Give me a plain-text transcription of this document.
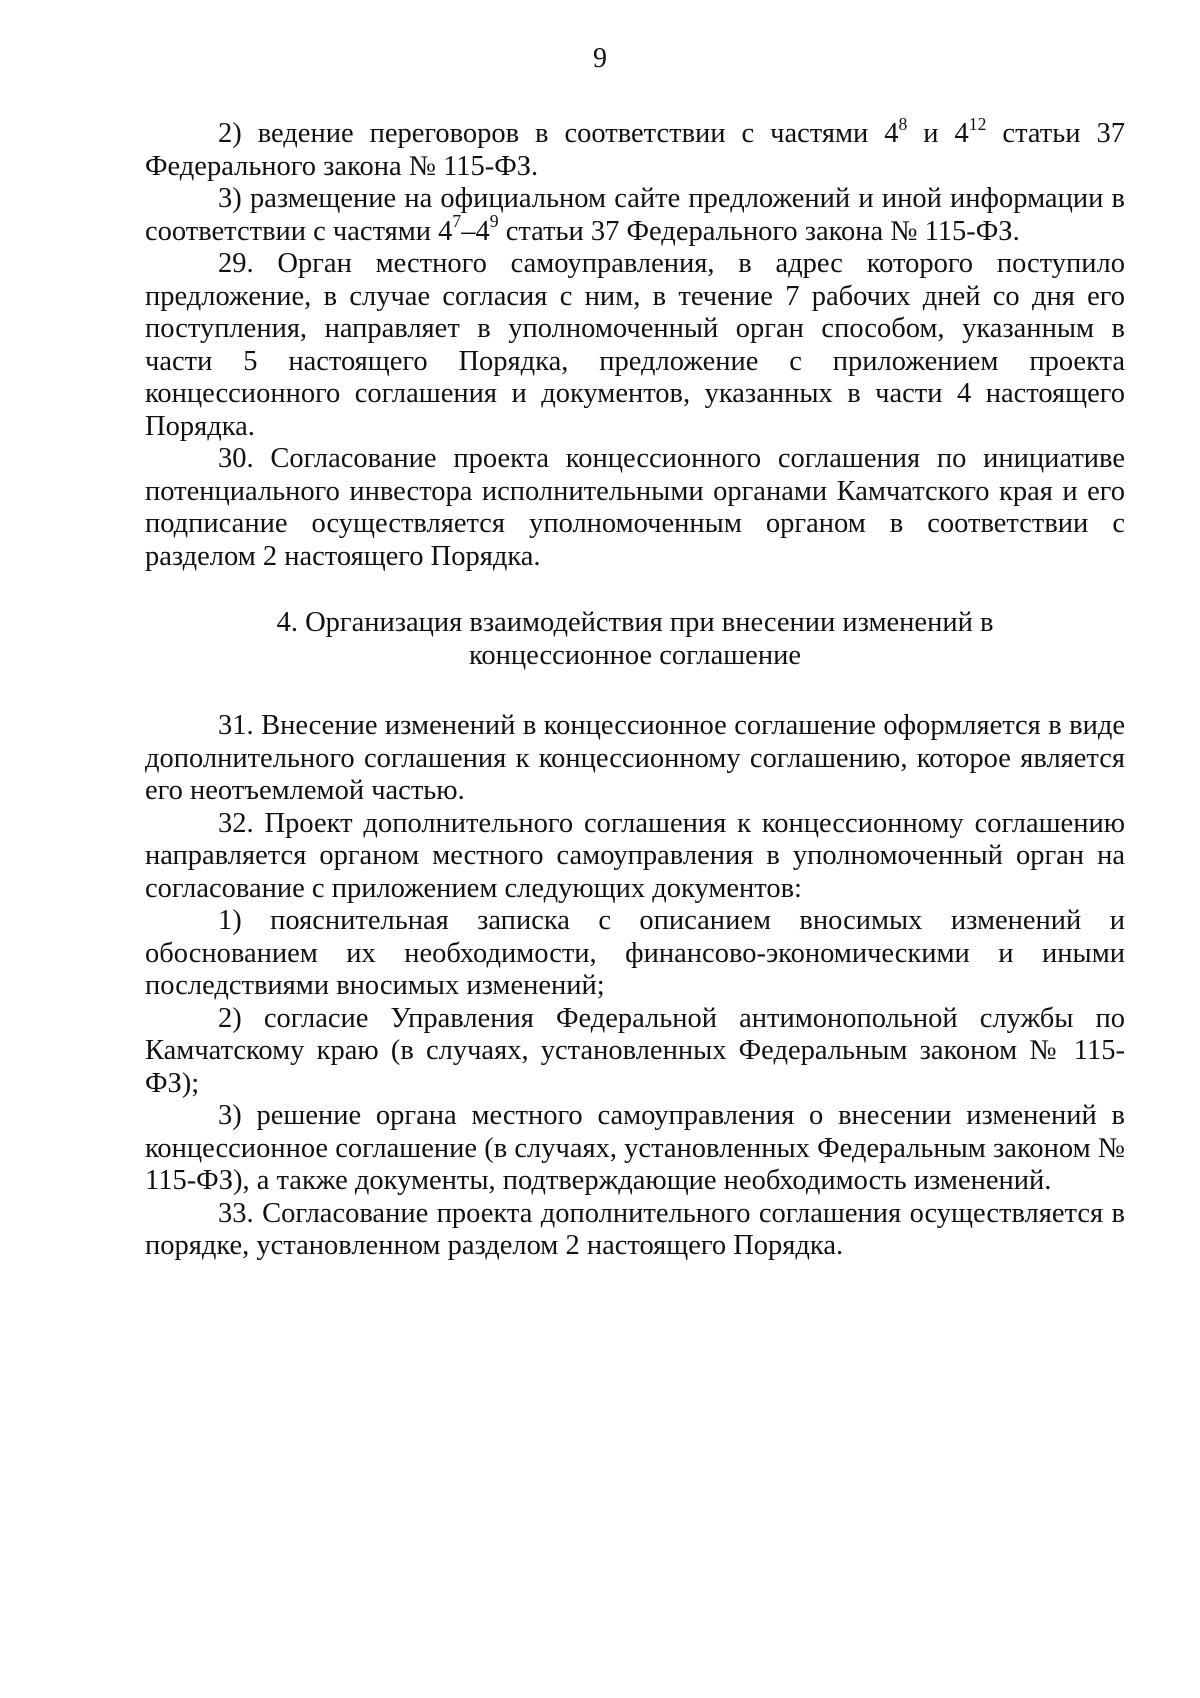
9

2) ведение переговоров в соответствии с частями $4^8$ и $4^{12}$ статьи 37 Федерального закона № 115-ФЗ.

3) размещение на официальном сайте предложений и иной информации в соответствии с частями $4^7-4^9$ статьи 37 Федерального закона № 115-ФЗ.

29. Орган местного самоуправления, в адрес которого поступило предложение, в случае согласия с ним, в течение 7 рабочих дней со дня его поступления, направляет в уполномоченный орган способом, указанным в части 5 настоящего Порядка, предложение с приложением проекта концессионного соглашения и документов, указанных в части 4 настоящего Порядка.

30. Согласование проекта концессионного соглашения по инициативе потенциального инвестора исполнительными органами Камчатского края и его подписание осуществляется уполномоченным органом в соответствии с разделом 2 настоящего Порядка.

4. Организация взаимодействия при внесении изменений в
концессионное соглашение

31. Внесение изменений в концессионное соглашение оформляется в виде дополнительного соглашения к концессионному соглашению, которое является его неотъемлемой частью.

32. Проект дополнительного соглашения к концессионному соглашению направляется органом местного самоуправления в уполномоченный орган на согласование с приложением следующих документов:

1) пояснительная записка с описанием вносимых изменений и обоснованием их необходимости, финансово-экономическими и иными последствиями вносимых изменений;

2) согласие Управления Федеральной антимонопольной службы по Камчатскому краю (в случаях, установленных Федеральным законом № 115-ФЗ);

3) решение органа местного самоуправления о внесении изменений в концессионное соглашение (в случаях, установленных Федеральным законом № 115-ФЗ), а также документы, подтверждающие необходимость изменений.

33. Согласование проекта дополнительного соглашения осуществляется в порядке, установленном разделом 2 настоящего Порядка.
